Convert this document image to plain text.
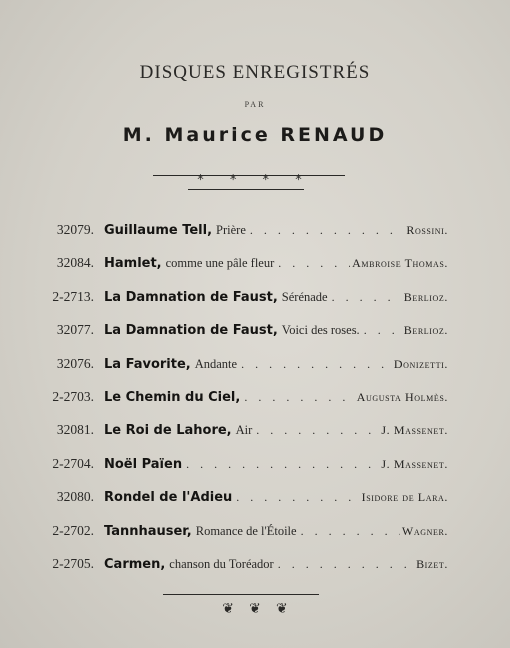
DISQUES ENREGISTRÉS
PAR
M. Maurice RENAUD
* * * *
32079. Guillaume Tell, Prière . . .	Rossini.
32084. Hamlet, comme une pâle fleur . . .	Ambroise Thomas.
2-2713. La Damnation de Faust, Sérénade . . .	Berlioz.
32077. La Damnation de Faust, Voici des roses. . . .	Berlioz.
32076. La Favorite, Andante . . .	Donizetti.
2-2703. Le Chemin du Ciel, . . .	Augusta Holmès.
32081. Le Roi de Lahore, Air . . .	J. Massenet.
2-2704. Noël Païen . . .	J. Massenet.
32080. Rondel de l'Adieu . . .	Isidore de Lara.
2-2702. Tannhauser, Romance de l'Étoile . . .	Wagner.
2-2705. Carmen, chanson du Toréador . . .	Bizet.
❦ ❦ ❦
